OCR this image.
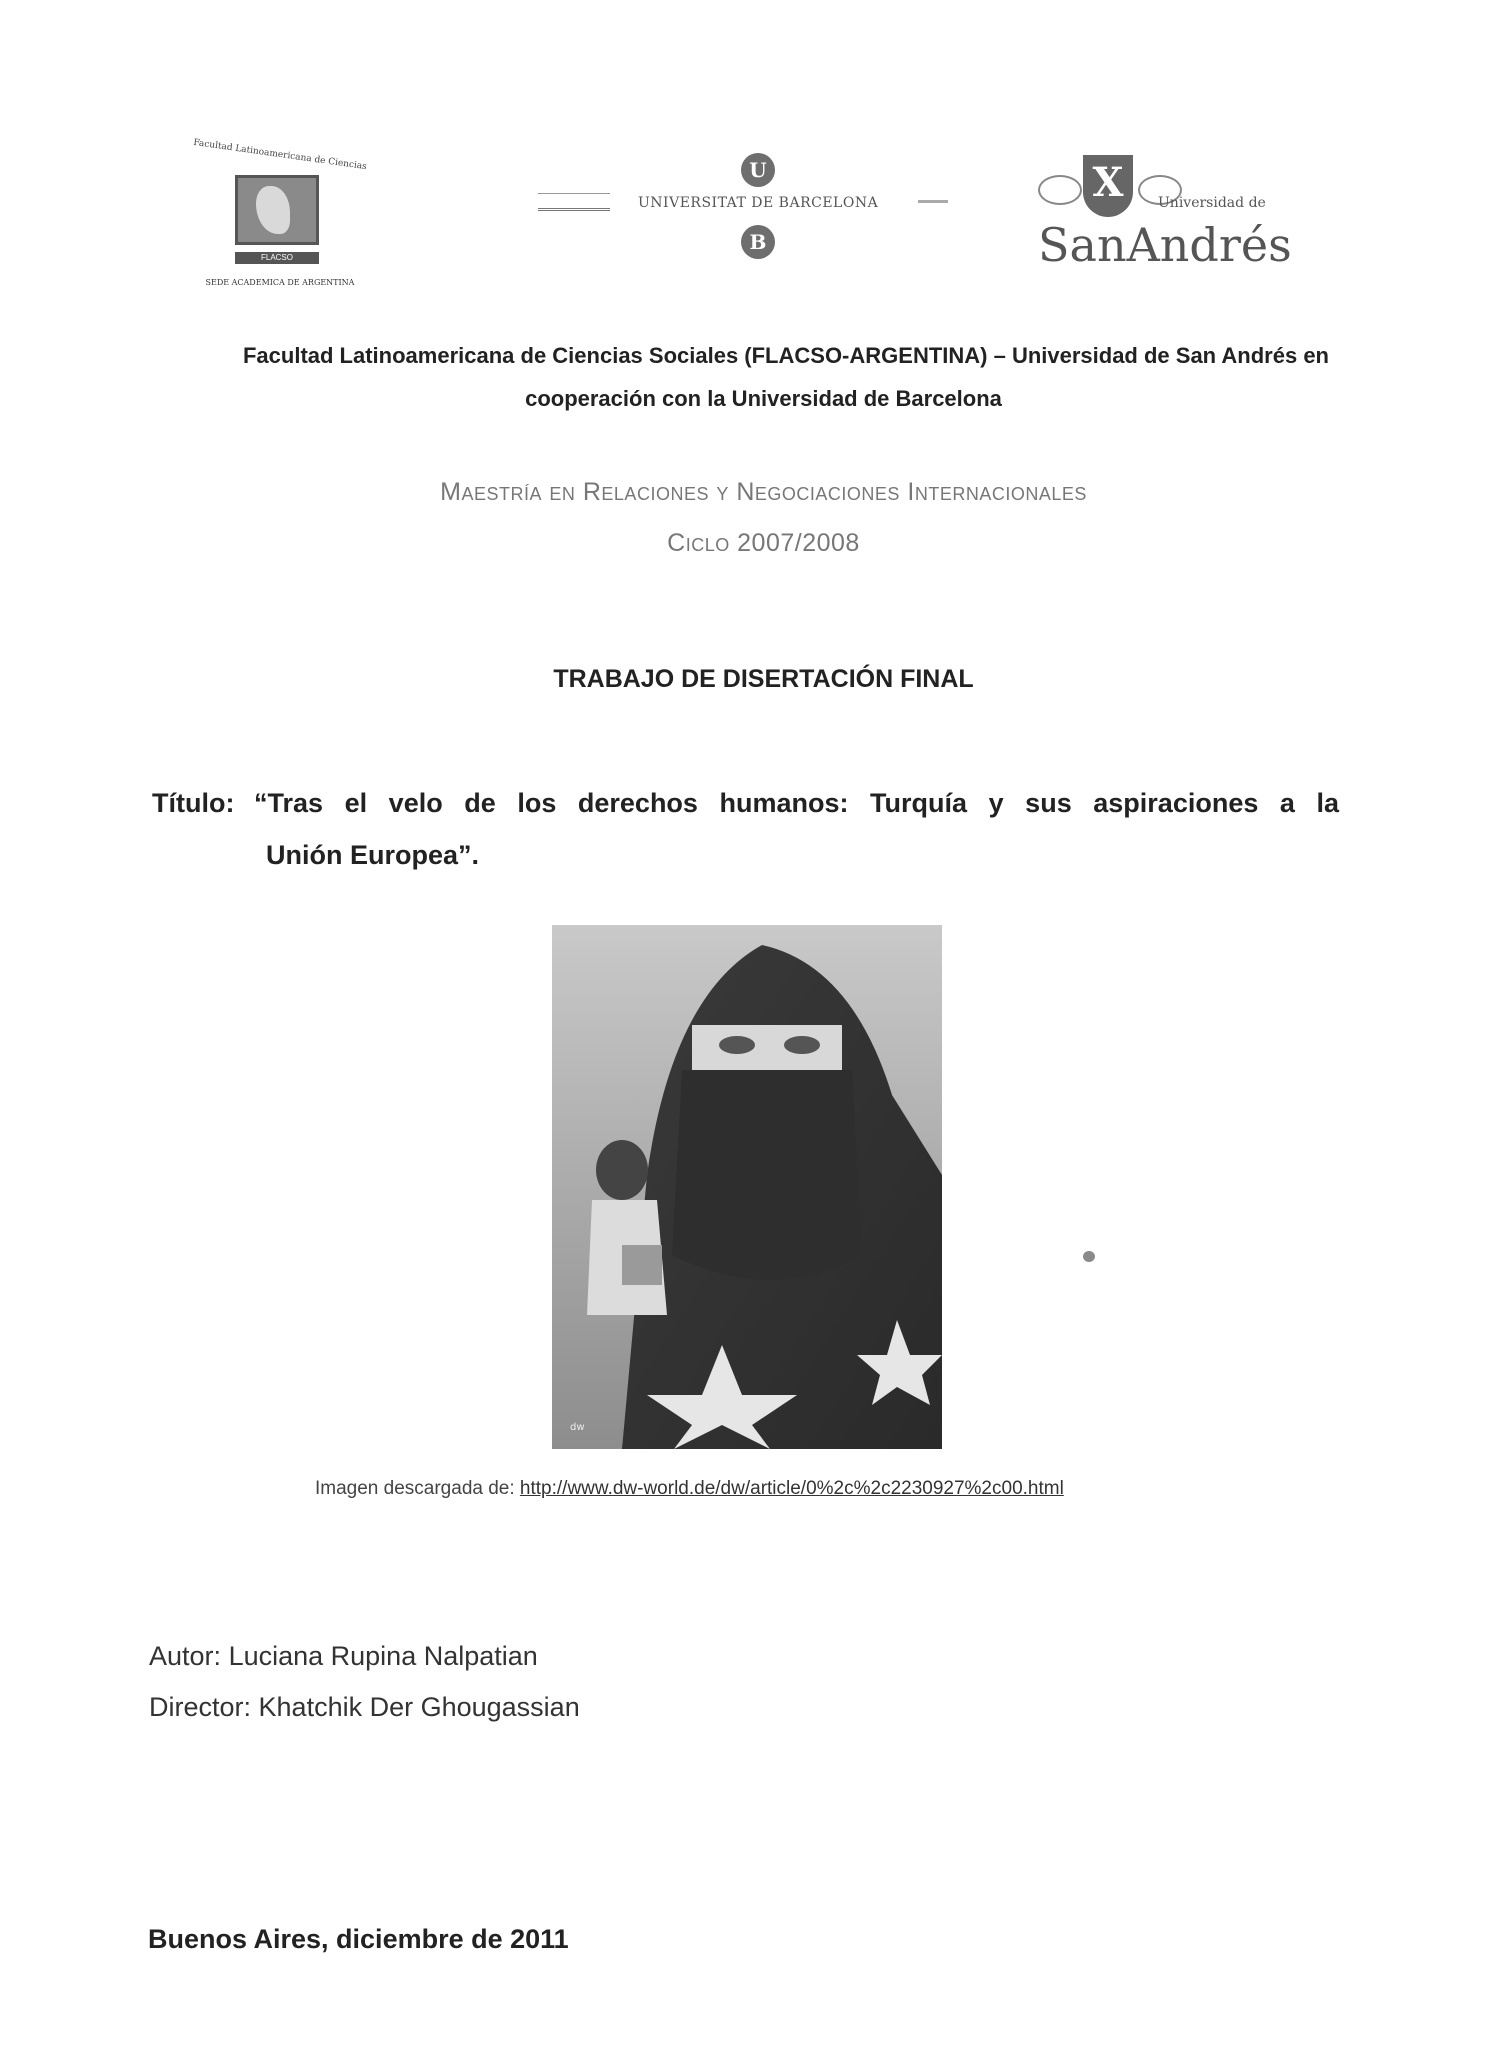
Facultad Latinoamericana de Ciencias
FLACSO
SEDE ACADEMICA DE ARGENTINA
U
UNIVERSITAT DE BARCELONA
B
X	Universidad de
SanAndrés
Facultad Latinoamericana de Ciencias Sociales (FLACSO-ARGENTINA) – Universidad de San Andrés en
cooperación con la Universidad de Barcelona
Maestría en Relaciones y Negociaciones Internacionales
Ciclo 2007/2008
TRABAJO DE DISERTACIÓN FINAL
Título: “Tras el velo de los derechos humanos: Turquía y sus aspiraciones a la
Unión Europea”.
dw
Imagen descargada de: http://www.dw-world.de/dw/article/0%2c%2c2230927%2c00.html
Autor: Luciana Rupina Nalpatian
Director: Khatchik Der Ghougassian
Buenos Aires, diciembre de 2011
